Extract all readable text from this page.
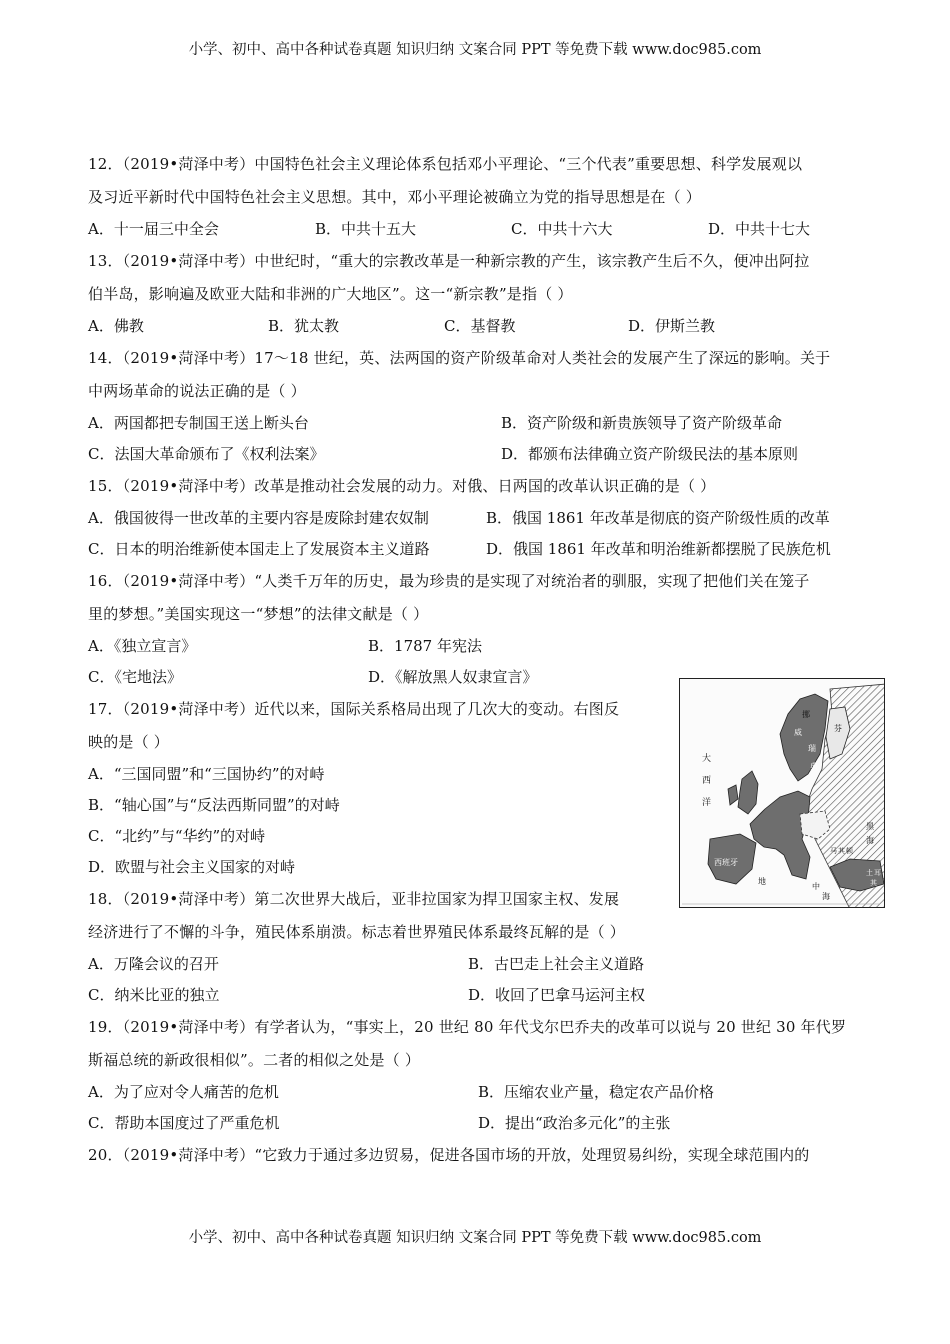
小学、初中、高中各种试卷真题 知识归纳 文案合同 PPT 等免费下载 www.doc985.com
12．（2019•菏泽中考）中国特色社会主义理论体系包括邓小平理论、“三个代表”重要思想、科学发展观以
及习近平新时代中国特色社会主义思想。其中，邓小平理论被确立为党的指导思想是在（ ）
A．十一届三中全会	B．中共十五大	C．中共十六大	D．中共十七大
13．（2019•菏泽中考）中世纪时，“重大的宗教改革是一种新宗教的产生，该宗教产生后不久，便冲出阿拉
伯半岛，影响遍及欧亚大陆和非洲的广大地区”。这一“新宗教”是指（ ）
A．佛教	B．犹太教	C．基督教	D．伊斯兰教
14．（2019•菏泽中考）17～18 世纪，英、法两国的资产阶级革命对人类社会的发展产生了深远的影响。关于
中两场革命的说法正确的是（ ）
A．两国都把专制国王送上断头台	B．资产阶级和新贵族领导了资产阶级革命
C．法国大革命颁布了《权利法案》	D．都颁布法律确立资产阶级民法的基本原则
15．（2019•菏泽中考）改革是推动社会发展的动力。对俄、日两国的改革认识正确的是（ ）
A．俄国彼得一世改革的主要内容是废除封建农奴制	B．俄国 1861 年改革是彻底的资产阶级性质的改革
C．日本的明治维新使本国走上了发展资本主义道路	D．俄国 1861 年改革和明治维新都摆脱了民族危机
16．（2019•菏泽中考）“人类千万年的历史，最为珍贵的是实现了对统治者的驯服，实现了把他们关在笼子
里的梦想。”美国实现这一“梦想”的法律文献是（ ）
A．《独立宣言》	B．1787 年宪法
C．《宅地法》	D．《解放黑人奴隶宣言》
17．（2019•菏泽中考）近代以来，国际关系格局出现了几次大的变动。右图反
映的是（ ）
A．“三国同盟”和“三国协约”的对峙
B．“轴心国”与“反法西斯同盟”的对峙
C．“北约”与“华约”的对峙
D．欧盟与社会主义国家的对峙
18．（2019•菏泽中考）第二次世界大战后，亚非拉国家为捍卫国家主权、发展
经济进行了不懈的斗争，殖民体系崩溃。标志着世界殖民体系最终瓦解的是（ ）
A．万隆会议的召开	B．古巴走上社会主义道路
C．纳米比亚的独立	D．收回了巴拿马运河主权
19．（2019•菏泽中考）有学者认为，“事实上，20 世纪 80 年代戈尔巴乔夫的改革可以说与 20 世纪 30 年代罗
斯福总统的新政很相似”。二者的相似之处是（ ）
A．为了应对令人痛苦的危机	B．压缩农业产量，稳定农产品价格
C．帮助本国度过了严重危机	D．提出“政治多元化”的主张
20．（2019•菏泽中考）“它致力于通过多边贸易，促进各国市场的开放，处理贸易纠纷，实现全球范围内的
大
西
洋
挪
威
瑞
典
芬
西班牙
地
中
海
黑
海
马 其 顿
土 耳
其
小学、初中、高中各种试卷真题 知识归纳 文案合同 PPT 等免费下载 www.doc985.com
